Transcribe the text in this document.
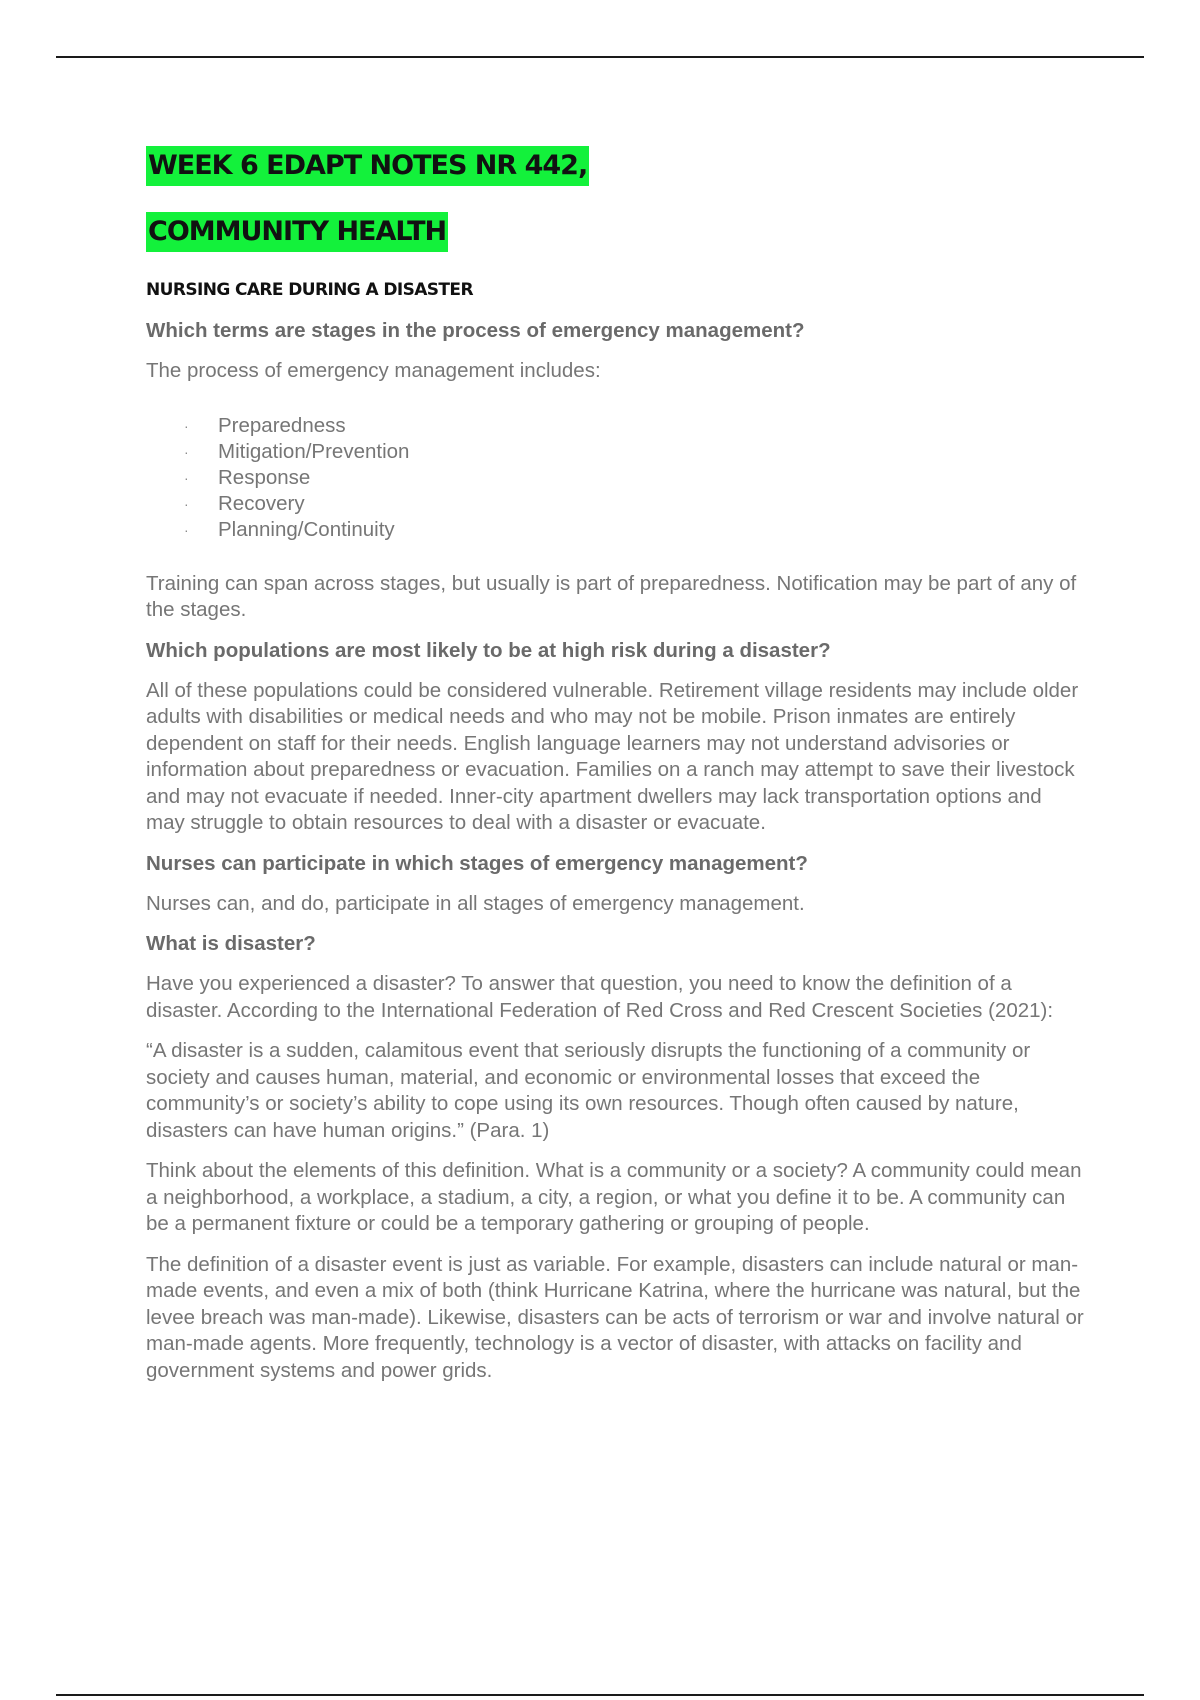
WEEK 6 EDAPT NOTES NR 442,
COMMUNITY HEALTH
NURSING CARE DURING A DISASTER
Which terms are stages in the process of emergency management?
The process of emergency management includes:
· Preparedness
· Mitigation/Prevention
· Response
· Recovery
· Planning/Continuity
Training can span across stages, but usually is part of preparedness. Notification may be part of any of the stages.
Which populations are most likely to be at high risk during a disaster?
All of these populations could be considered vulnerable. Retirement village residents may include older adults with disabilities or medical needs and who may not be mobile. Prison inmates are entirely dependent on staff for their needs. English language learners may not understand advisories or information about preparedness or evacuation. Families on a ranch may attempt to save their livestock and may not evacuate if needed. Inner-city apartment dwellers may lack transportation options and may struggle to obtain resources to deal with a disaster or evacuate.
Nurses can participate in which stages of emergency management?
Nurses can, and do, participate in all stages of emergency management.
What is disaster?
Have you experienced a disaster? To answer that question, you need to know the definition of a disaster. According to the International Federation of Red Cross and Red Crescent Societies (2021):
“A disaster is a sudden, calamitous event that seriously disrupts the functioning of a community or society and causes human, material, and economic or environmental losses that exceed the community’s or society’s ability to cope using its own resources. Though often caused by nature, disasters can have human origins.” (Para. 1)
Think about the elements of this definition. What is a community or a society? A community could mean a neighborhood, a workplace, a stadium, a city, a region, or what you define it to be. A community can be a permanent fixture or could be a temporary gathering or grouping of people.
The definition of a disaster event is just as variable. For example, disasters can include natural or man-made events, and even a mix of both (think Hurricane Katrina, where the hurricane was natural, but the levee breach was man-made). Likewise, disasters can be acts of terrorism or war and involve natural or man-made agents. More frequently, technology is a vector of disaster, with attacks on facility and government systems and power grids.
